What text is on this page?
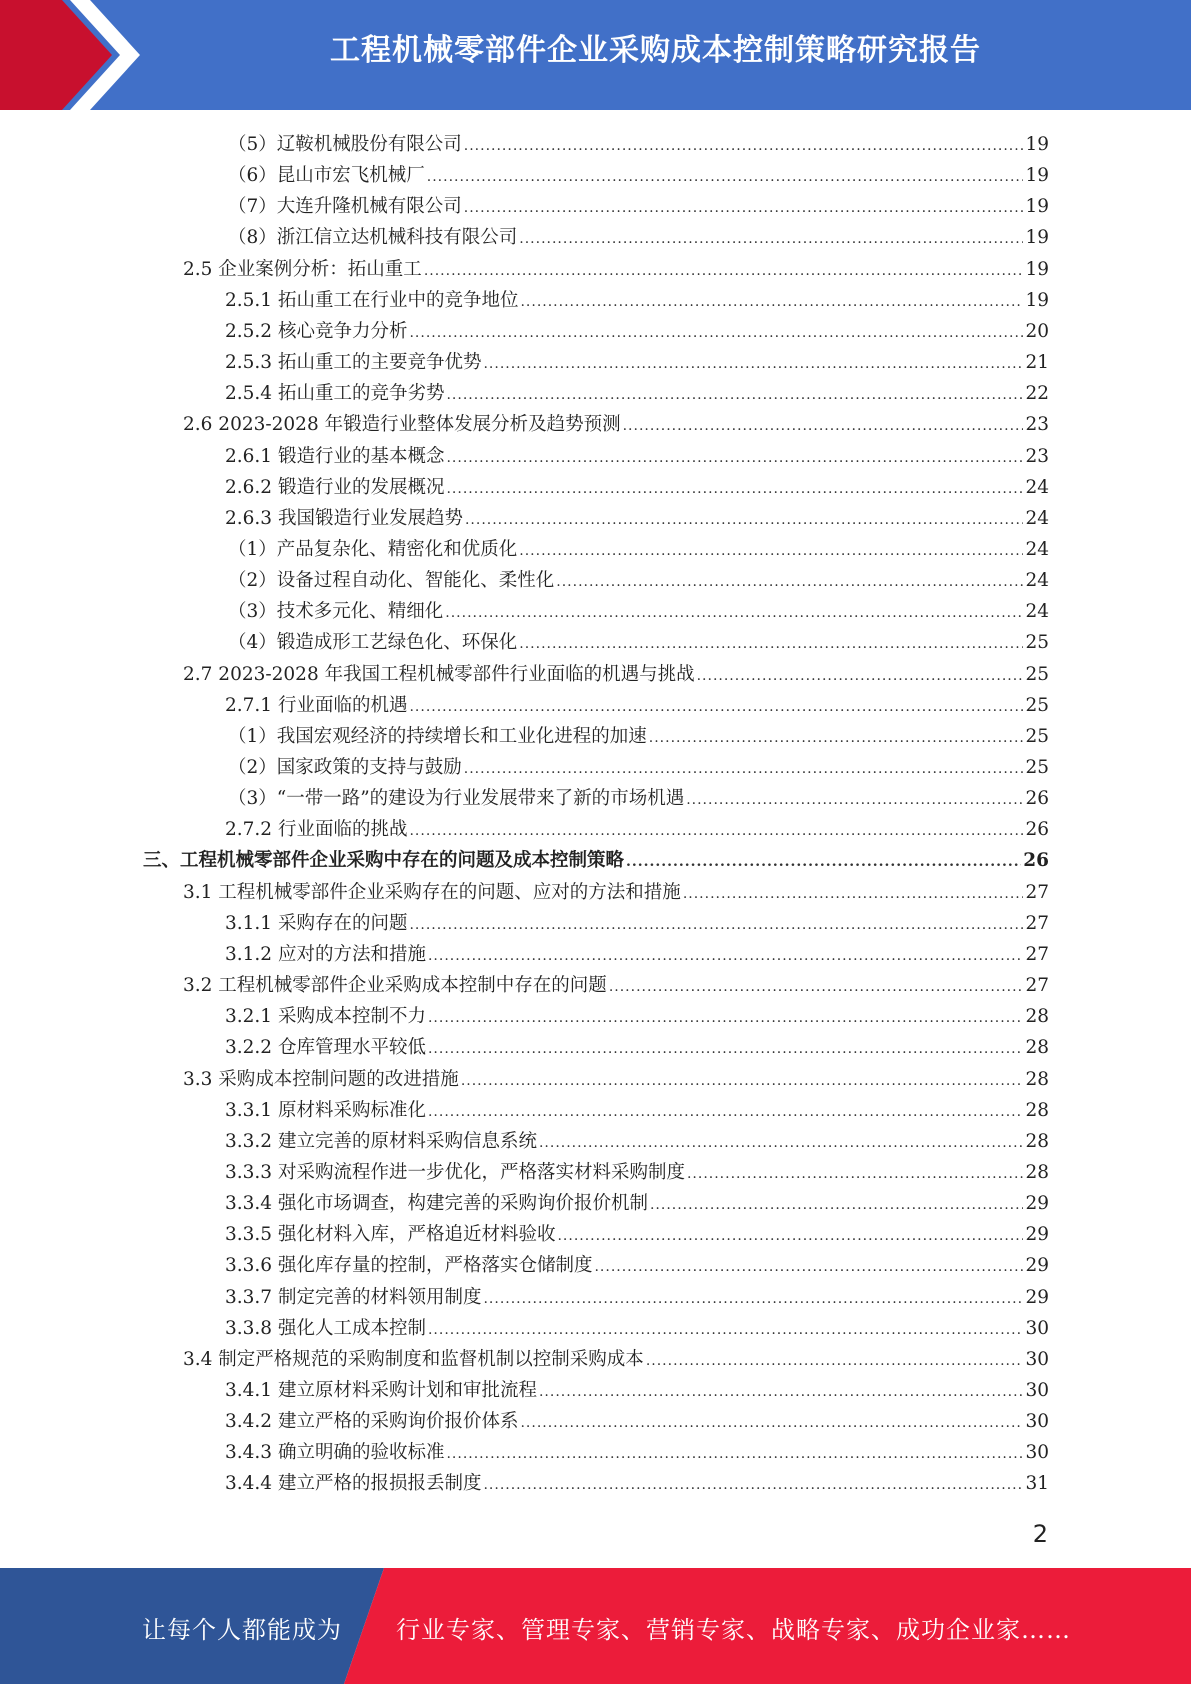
工程机械零部件企业采购成本控制策略研究报告
（5）辽鞍机械股份有限公司 .....	19
（6）昆山市宏飞机械厂 .....	19
（7）大连升隆机械有限公司 .....	19
（8）浙江信立达机械科技有限公司 .....	19
2.5 企业案例分析：拓山重工 .....	19
2.5.1 拓山重工在行业中的竞争地位 .....	19
2.5.2 核心竞争力分析 .....	20
2.5.3 拓山重工的主要竞争优势 .....	21
2.5.4 拓山重工的竞争劣势 .....	22
2.6 2023-2028 年锻造行业整体发展分析及趋势预测 .....	23
2.6.1 锻造行业的基本概念 .....	23
2.6.2 锻造行业的发展概况 .....	24
2.6.3 我国锻造行业发展趋势 .....	24
（1）产品复杂化、精密化和优质化 .....	24
（2）设备过程自动化、智能化、柔性化 .....	24
（3）技术多元化、精细化 .....	24
（4）锻造成形工艺绿色化、环保化 .....	25
2.7 2023-2028 年我国工程机械零部件行业面临的机遇与挑战 .....	25
2.7.1 行业面临的机遇 .....	25
（1）我国宏观经济的持续增长和工业化进程的加速 .....	25
（2）国家政策的支持与鼓励 .....	25
（3）“一带一路”的建设为行业发展带来了新的市场机遇 .....	26
2.7.2 行业面临的挑战 .....	26
三、工程机械零部件企业采购中存在的问题及成本控制策略 .....	26
3.1 工程机械零部件企业采购存在的问题、应对的方法和措施 .....	27
3.1.1 采购存在的问题 .....	27
3.1.2 应对的方法和措施 .....	27
3.2 工程机械零部件企业采购成本控制中存在的问题 .....	27
3.2.1 采购成本控制不力 .....	28
3.2.2 仓库管理水平较低 .....	28
3.3 采购成本控制问题的改进措施 .....	28
3.3.1 原材料采购标准化 .....	28
3.3.2 建立完善的原材料采购信息系统 .....	28
3.3.3 对采购流程作进一步优化，严格落实材料采购制度 .....	28
3.3.4 强化市场调查，构建完善的采购询价报价机制 .....	29
3.3.5 强化材料入库，严格追近材料验收 .....	29
3.3.6 强化库存量的控制，严格落实仓储制度 .....	29
3.3.7 制定完善的材料领用制度 .....	29
3.3.8 强化人工成本控制 .....	30
3.4 制定严格规范的采购制度和监督机制以控制采购成本 .....	30
3.4.1 建立原材料采购计划和审批流程 .....	30
3.4.2 建立严格的采购询价报价体系 .....	30
3.4.3 确立明确的验收标准 .....	30
3.4.4 建立严格的报损报丢制度 .....	31
2
让每个人都能成为 行业专家、管理专家、营销专家、战略专家、成功企业家……
